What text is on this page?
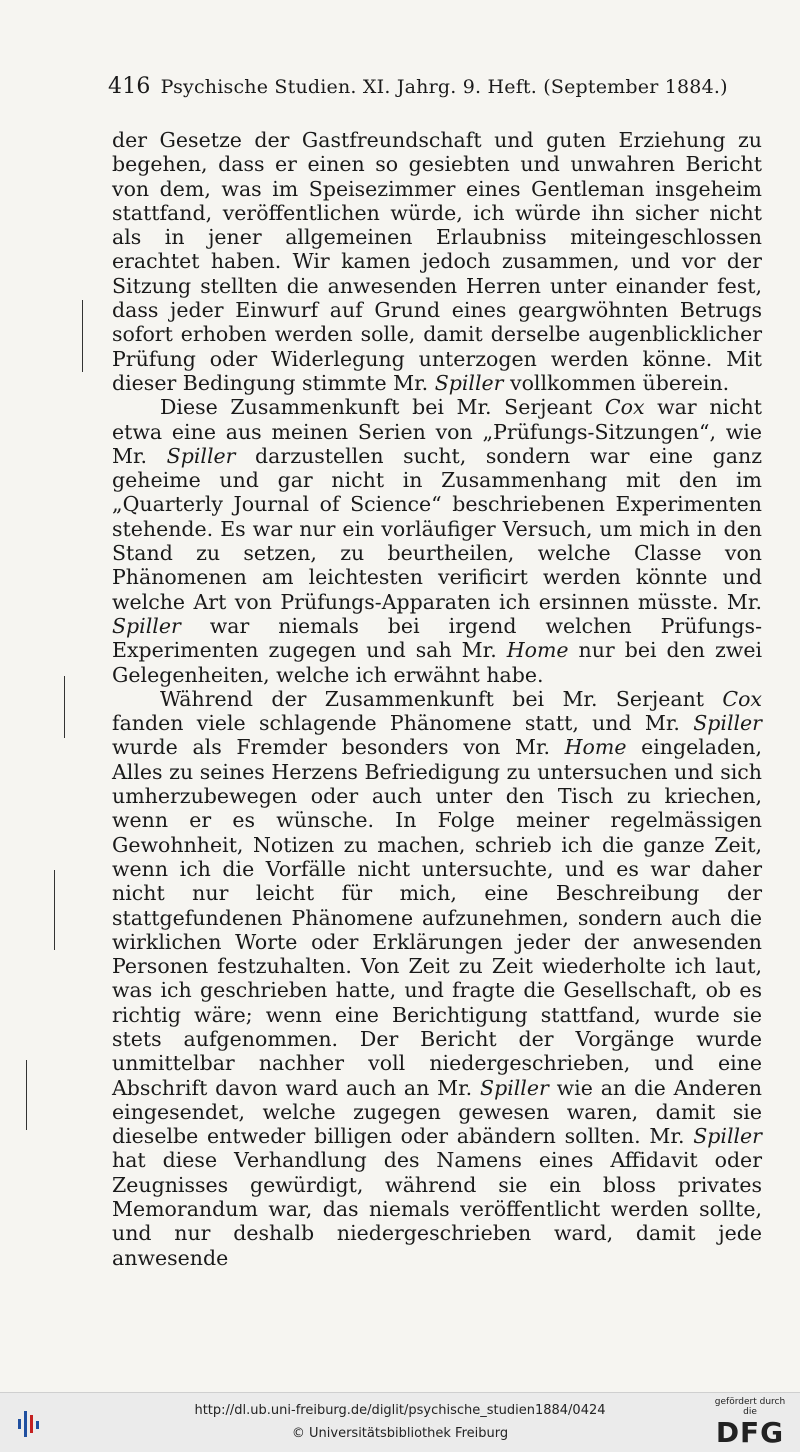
416 Psychische Studien. XI. Jahrg. 9. Heft. (September 1884.)

der Gesetze der Gastfreundschaft und guten Erziehung zu begehen, dass er einen so gesiebten und unwahren Bericht von dem, was im Speisezimmer eines Gentleman insgeheim stattfand, veröffentlichen würde, ich würde ihn sicher nicht als in jener allgemeinen Erlaubniss miteingeschlossen erachtet haben. Wir kamen jedoch zusammen, und vor der Sitzung stellten die anwesenden Herren unter einander fest, dass jeder Einwurf auf Grund eines geargwöhnten Betrugs sofort erhoben werden solle, damit derselbe augenblicklicher Prüfung oder Widerlegung unterzogen werden könne. Mit dieser Bedingung stimmte Mr. Spiller vollkommen überein.

Diese Zusammenkunft bei Mr. Serjeant Cox war nicht etwa eine aus meinen Serien von „Prüfungs-Sitzungen“, wie Mr. Spiller darzustellen sucht, sondern war eine ganz geheime und gar nicht in Zusammenhang mit den im „Quarterly Journal of Science“ beschriebenen Experimenten stehende. Es war nur ein vorläufiger Versuch, um mich in den Stand zu setzen, zu beurtheilen, welche Classe von Phänomenen am leichtesten verificirt werden könnte und welche Art von Prüfungs-Apparaten ich ersinnen müsste. Mr. Spiller war niemals bei irgend welchen Prüfungs-Experimenten zugegen und sah Mr. Home nur bei den zwei Gelegenheiten, welche ich erwähnt habe.

Während der Zusammenkunft bei Mr. Serjeant Cox fanden viele schlagende Phänomene statt, und Mr. Spiller wurde als Fremder besonders von Mr. Home eingeladen, Alles zu seines Herzens Befriedigung zu untersuchen und sich umherzubewegen oder auch unter den Tisch zu kriechen, wenn er es wünsche. In Folge meiner regelmässigen Gewohnheit, Notizen zu machen, schrieb ich die ganze Zeit, wenn ich die Vorfälle nicht untersuchte, und es war daher nicht nur leicht für mich, eine Beschreibung der stattgefundenen Phänomene aufzunehmen, sondern auch die wirklichen Worte oder Erklärungen jeder der anwesenden Personen festzuhalten. Von Zeit zu Zeit wiederholte ich laut, was ich geschrieben hatte, und fragte die Gesellschaft, ob es richtig wäre; wenn eine Berichtigung stattfand, wurde sie stets aufgenommen. Der Bericht der Vorgänge wurde unmittelbar nachher voll niedergeschrieben, und eine Abschrift davon ward auch an Mr. Spiller wie an die Anderen eingesendet, welche zugegen gewesen waren, damit sie dieselbe entweder billigen oder abändern sollten. Mr. Spiller hat diese Verhandlung des Namens eines Affidavit oder Zeugnisses gewürdigt, während sie ein bloss privates Memorandum war, das niemals veröffentlicht werden sollte, und nur deshalb niedergeschrieben ward, damit jede anwesende

http://dl.ub.uni-freiburg.de/diglit/psychische_studien1884/0424
© Universitätsbibliothek Freiburg
gefördert durch die
DFG
